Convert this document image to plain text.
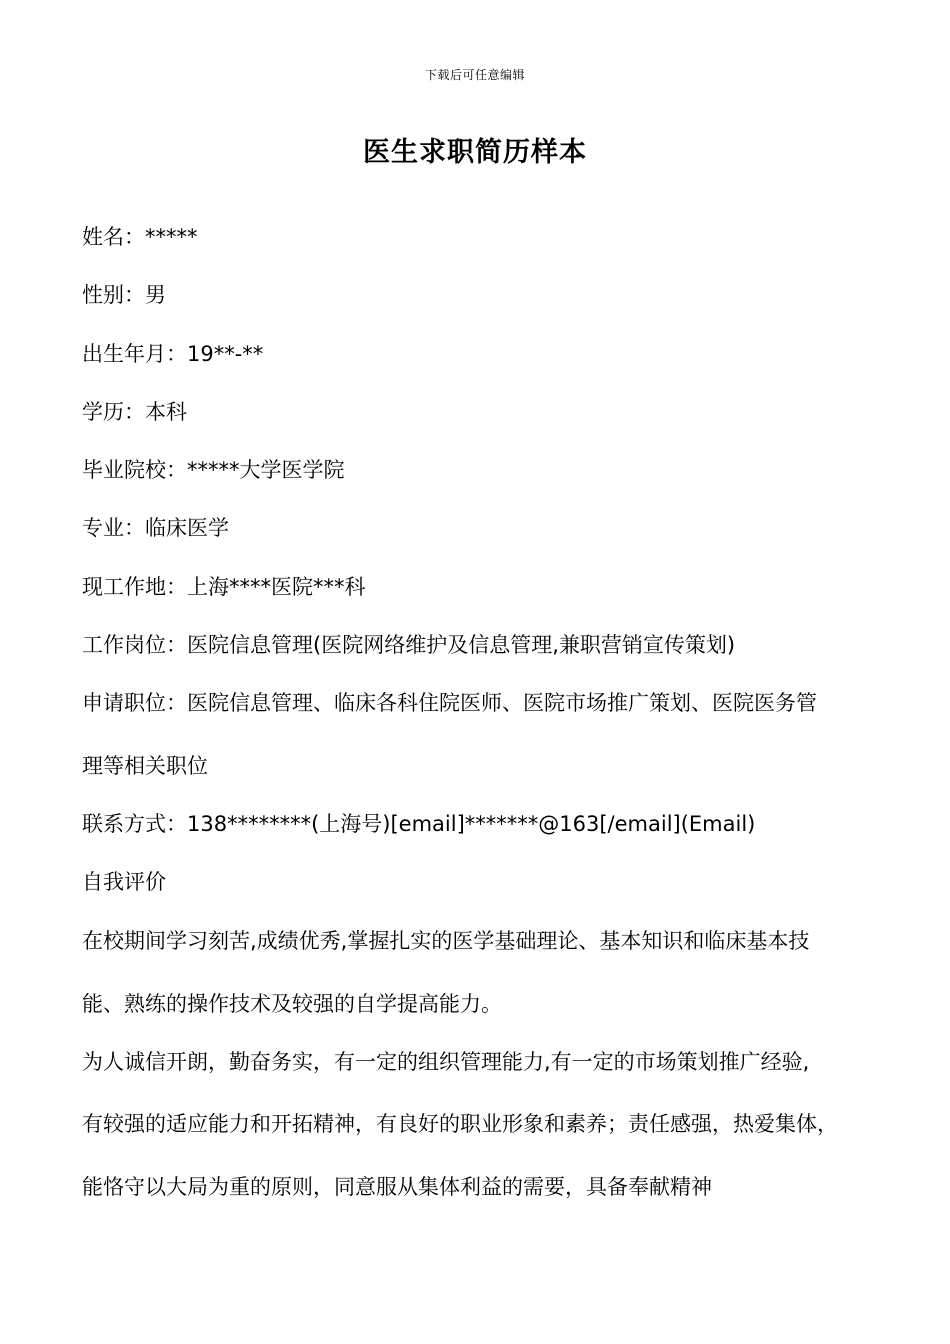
下载后可任意编辑
医生求职简历样本
姓名：*****
性别：男
出生年月：19**-**
学历：本科
毕业院校：*****大学医学院
专业：临床医学
现工作地：上海****医院***科
工作岗位：医院信息管理(医院网络维护及信息管理,兼职营销宣传策划)
申请职位：医院信息管理、临床各科住院医师、医院市场推广策划、医院医务管
理等相关职位
联系方式：138********(上海号)[email]*******@163[/email](Email)
自我评价
在校期间学习刻苦,成绩优秀,掌握扎实的医学基础理论、基本知识和临床基本技
能、熟练的操作技术及较强的自学提高能力。
为人诚信开朗，勤奋务实，有一定的组织管理能力,有一定的市场策划推广经验,
有较强的适应能力和开拓精神，有良好的职业形象和素养；责任感强，热爱集体，
能恪守以大局为重的原则，同意服从集体利益的需要，具备奉献精神
